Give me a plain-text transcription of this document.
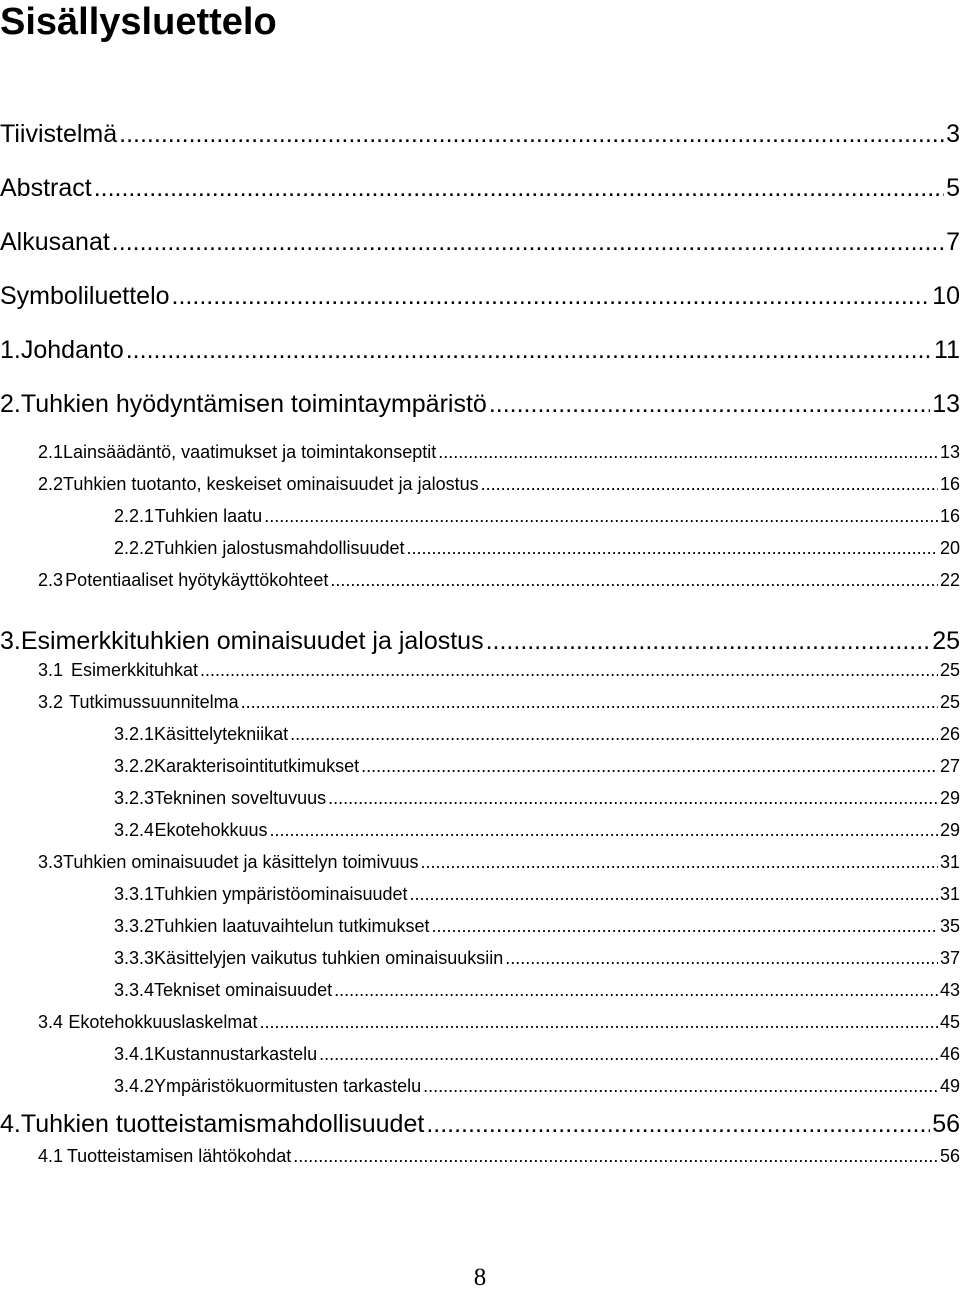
Sisällysluettelo
Tiivistelmä .....	3
Abstract .....	5
Alkusanat .....	7
Symboliluettelo .....	10
1. Johdanto .....	11
2. Tuhkien hyödyntämisen toimintaympäristö .....	13
2.1 Lainsäädäntö, vaatimukset ja toimintakonseptit .....	13
2.2 Tuhkien tuotanto, keskeiset ominaisuudet ja jalostus .....	16
2.2.1 Tuhkien laatu .....	16
2.2.2 Tuhkien jalostusmahdollisuudet .....	20
2.3 Potentiaaliset hyötykäyttökohteet .....	22
3. Esimerkkituhkien ominaisuudet ja jalostus .....	25
3.1 Esimerkkituhkat .....	25
3.2 Tutkimussuunnitelma .....	25
3.2.1 Käsittelytekniikat .....	26
3.2.2 Karakterisointitutkimukset .....	27
3.2.3 Tekninen soveltuvuus .....	29
3.2.4 Ekotehokkuus .....	29
3.3 Tuhkien ominaisuudet ja käsittelyn toimivuus .....	31
3.3.1 Tuhkien ympäristöominaisuudet .....	31
3.3.2 Tuhkien laatuvaihtelun tutkimukset .....	35
3.3.3 Käsittelyjen vaikutus tuhkien ominaisuuksiin .....	37
3.3.4 Tekniset ominaisuudet .....	43
3.4 Ekotehokkuuslaskelmat .....	45
3.4.1 Kustannustarkastelu .....	46
3.4.2 Ympäristökuormitusten tarkastelu .....	49
4. Tuhkien tuotteistamismahdollisuudet .....	56
4.1 Tuotteistamisen lähtökohdat .....	56
8
